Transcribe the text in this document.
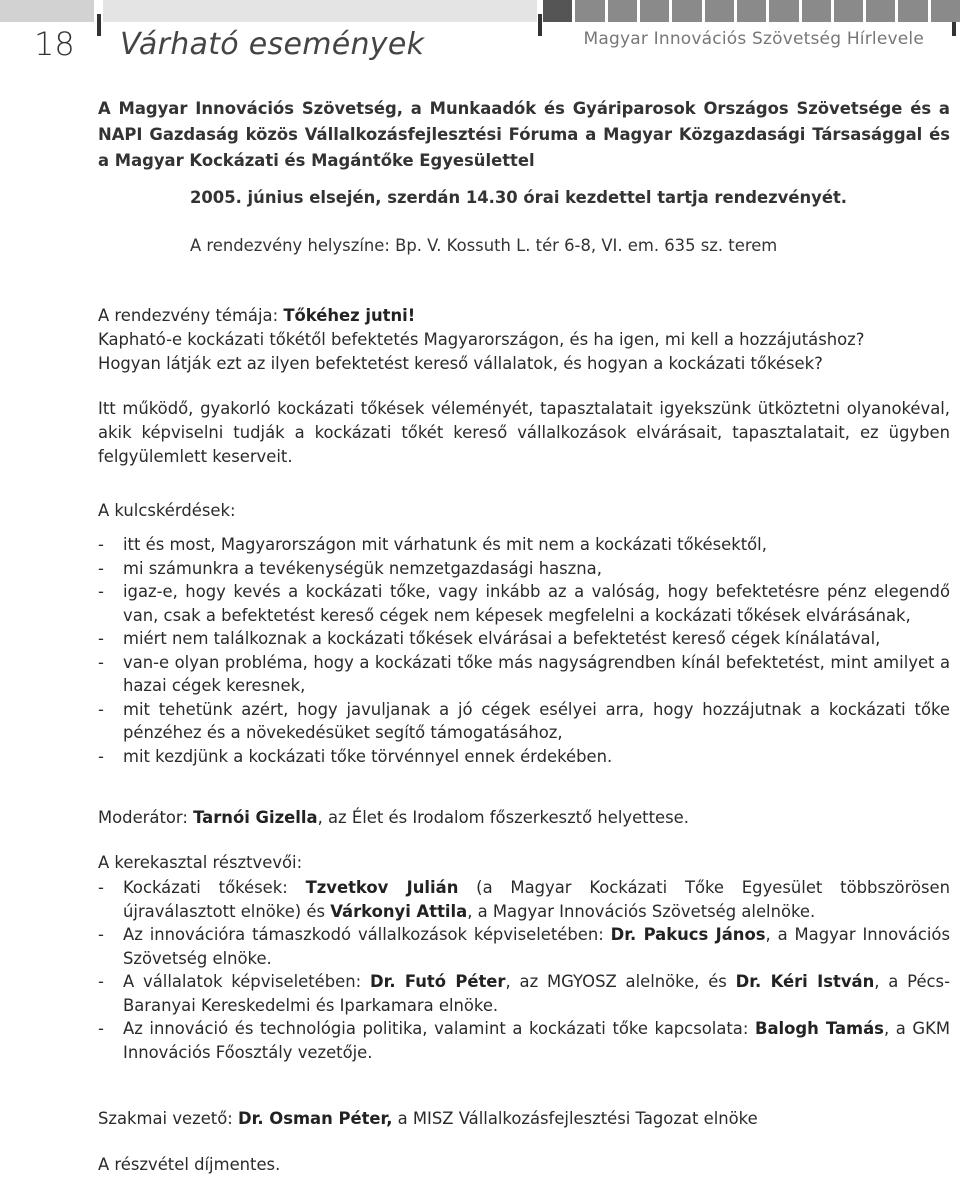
18 Várható események	Magyar Innovációs Szövetség Hírlevele
A Magyar Innovációs Szövetség, a Munkaadók és Gyáriparosok Országos Szövetsége és a NAPI Gazdaság közös Vállalkozásfejlesztési Fóruma a Magyar Közgazdasági Társasággal és a Magyar Kockázati és Magántőke Egyesülettel
2005. június elsején, szerdán 14.30 órai kezdettel tartja rendezvényét.
A rendezvény helyszíne: Bp. V. Kossuth L. tér 6-8, VI. em. 635 sz. terem
A rendezvény témája: Tőkéhez jutni!
Kapható-e kockázati tőkétől befektetés Magyarországon, és ha igen, mi kell a hozzájutáshoz?
Hogyan látják ezt az ilyen befektetést kereső vállalatok, és hogyan a kockázati tőkések?
Itt működő, gyakorló kockázati tőkések véleményét, tapasztalatait igyekszünk ütköztetni olyanokéval, akik képviselni tudják a kockázati tőkét kereső vállalkozások elvárásait, tapasztalatait, ez ügyben felgyülemlett keserveit.
A kulcskérdések:
- itt és most, Magyarországon mit várhatunk és mit nem a kockázati tőkésektől,
- mi számunkra a tevékenységük nemzetgazdasági haszna,
- igaz-e, hogy kevés a kockázati tőke, vagy inkább az a valóság, hogy befektetésre pénz elegendő van, csak a befektetést kereső cégek nem képesek megfelelni a kockázati tőkések elvárásának,
- miért nem találkoznak a kockázati tőkések elvárásai a befektetést kereső cégek kínálatával,
- van-e olyan probléma, hogy a kockázati tőke más nagyságrendben kínál befektetést, mint amilyet a hazai cégek keresnek,
- mit tehetünk azért, hogy javuljanak a jó cégek esélyei arra, hogy hozzájutnak a kockázati tőke pénzéhez és a növekedésüket segítő támogatásához,
- mit kezdjünk a kockázati tőke törvénnyel ennek érdekében.
Moderátor: Tarnói Gizella, az Élet és Irodalom főszerkesztő helyettese.
A kerekasztal résztvevői:
- Kockázati tőkések: Tzvetkov Julián (a Magyar Kockázati Tőke Egyesület többszörösen újraválasztott elnöke) és Várkonyi Attila, a Magyar Innovációs Szövetség alelnöke.
- Az innovációra támaszkodó vállalkozások képviseletében: Dr. Pakucs János, a Magyar Innovációs Szövetség elnöke.
- A vállalatok képviseletében: Dr. Futó Péter, az MGYOSZ alelnöke, és Dr. Kéri István, a Pécs-Baranyai Kereskedelmi és Iparkamara elnöke.
- Az innováció és technológia politika, valamint a kockázati tőke kapcsolata: Balogh Tamás, a GKM Innovációs Főosztály vezetője.
Szakmai vezető: Dr. Osman Péter, a MISZ Vállalkozásfejlesztési Tagozat elnöke
A részvétel díjmentes.
